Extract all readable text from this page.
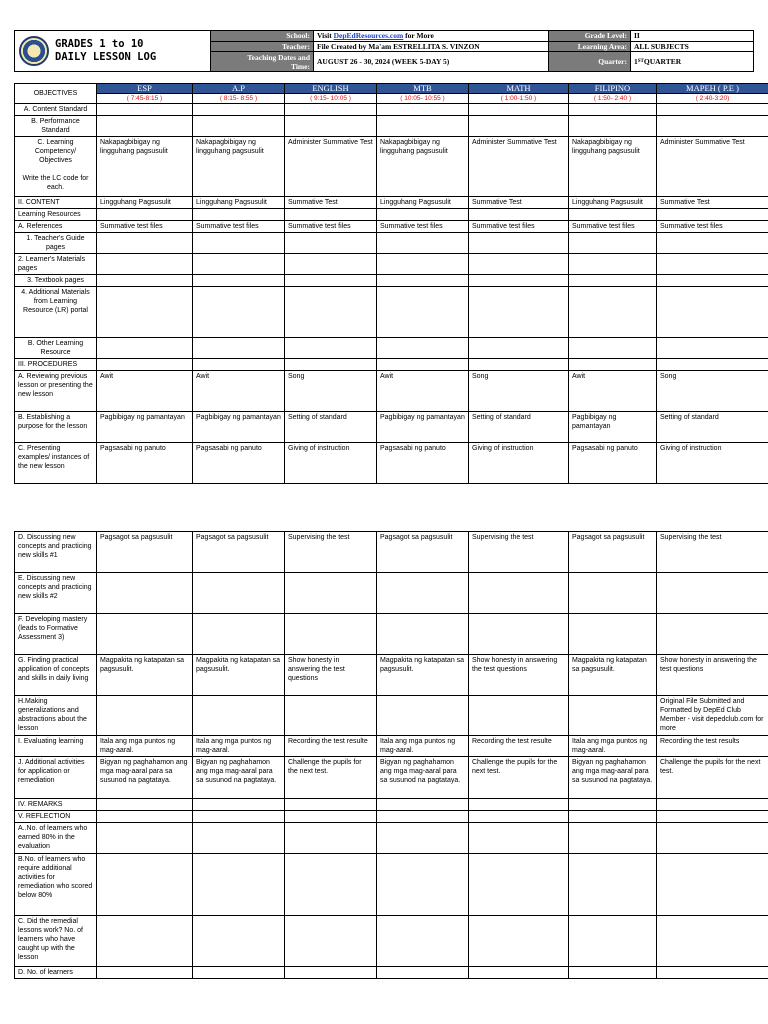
GRADES 1 to 10
DAILY LESSON LOG
School: Visit
DepEdResources.com
for More
Teacher: File Created by Ma'am ESTRELLITA S. VINZON
Teaching Dates and
Time: AUGUST 26 - 30, 2024 (WEEK 5-DAY 5)
Grade Level: II
Learning Area: ALL SUBJECTS
Quarter: 1 ST QUARTER
OBJECTIVES	ESP	A.P	ENGLISH	MTB	MATH	FILIPINO	MAPEH ( P.E )
	( 7:45-8:15 )	( 8:15- 8:55 )	( 9:15- 10:05 )	( 10:05- 10:55 )	( 1:00-1:50 )	( 1:50- 2:40 )	( 2:40-3:20)
A. Content Standard							
B. Performance Standard							
C. Learning Competency/ Objectives

Write the LC code for each.	Nakapagbibigay ng lingguhang pagsusulit	Nakapagbibigay ng lingguhang pagsusulit	Administer Summative Test	Nakapagbibigay ng lingguhang pagsusulit	Administer Summative Test	Nakapagbibigay ng lingguhang pagsusulit	Administer Summative Test
II. CONTENT	Lingguhang Pagsusulit	Lingguhang Pagsusulit	Summative Test	Lingguhang Pagsusulit	Summative Test	Lingguhang Pagsusulit	Summative Test
Learning Resources							
A. References	Summative test files	Summative test files	Summative test files	Summative test files	Summative test files	Summative test files	Summative test files
1. Teacher's Guide pages							
2. Learner's Materials pages							
3. Textbook pages							
4. Additional Materials from Learning Resource (LR) portal							
B. Other Learning Resource							
III. PROCEDURES							
A. Reviewing previous lesson or presenting the new lesson	Awit	Awit	Song	Awit	Song	Awit	Song
B. Establishing a purpose for the lesson	Pagbibigay ng pamantayan	Pagbibigay ng pamantayan	Setting of standard	Pagbibigay ng pamantayan	Setting of standard	Pagbibigay ng pamantayan	Setting of standard
C. Presenting examples/ instances of the new lesson	Pagsasabi ng panuto	Pagsasabi ng panuto	Giving of instruction	Pagsasabi ng panuto	Giving of instruction	Pagsasabi ng panuto	Giving of instruction
D. Discussing new concepts and practicing new skills #1	Pagsagot sa pagsusulit	Pagsagot sa pagsusulit	Supervising the test	Pagsagot sa pagsusulit	Supervising the test	Pagsagot sa pagsusulit	Supervising the test
E. Discussing new concepts and practicing new skills #2							
F. Developing mastery (leads to Formative Assessment 3)							
G. Finding practical application of concepts and skills in daily living	Magpakita ng katapatan sa pagsusulit.	Magpakita ng katapatan sa pagsusulit.	Show honesty in answering the test questions	Magpakita ng katapatan sa pagsusulit.	Show honesty in answering the test questions	Magpakita ng katapatan sa pagsusulit.	Show honesty in answering the test questions
H.Making generalizations and abstractions about the lesson							Original File Submitted and Formatted by DepEd Club Member - visit depedclub.com for more
I. Evaluating learning	Itala ang mga puntos ng mag-aaral.	Itala ang mga puntos ng mag-aaral.	Recording the test resulte	Itala ang mga puntos ng mag-aaral.	Recording the test resulte	Itala ang mga puntos ng mag-aaral.	Recording the test results
J. Additional activities for application or remediation	Bigyan ng paghahamon ang mga mag-aaral para sa susunod na pagtataya.	Bigyan ng paghahamon ang mga mag-aaral para sa susunod na pagtataya.	Challenge the pupils for the next test.	Bigyan ng paghahamon ang mga mag-aaral para sa susunod na pagtataya.	Challenge the pupils for the next test.	Bigyan ng paghahamon ang mga mag-aaral para sa susunod na pagtataya.	Challenge the pupils for the next test.
IV. REMARKS							
V. REFLECTION							
A..No. of learners who earned 80% in the evaluation							
B.No. of learners who require additional activities for remediation who scored below 80%							
C. Did the remedial lessons work? No. of learners who have caught up with the lesson							
D. No. of learners							
